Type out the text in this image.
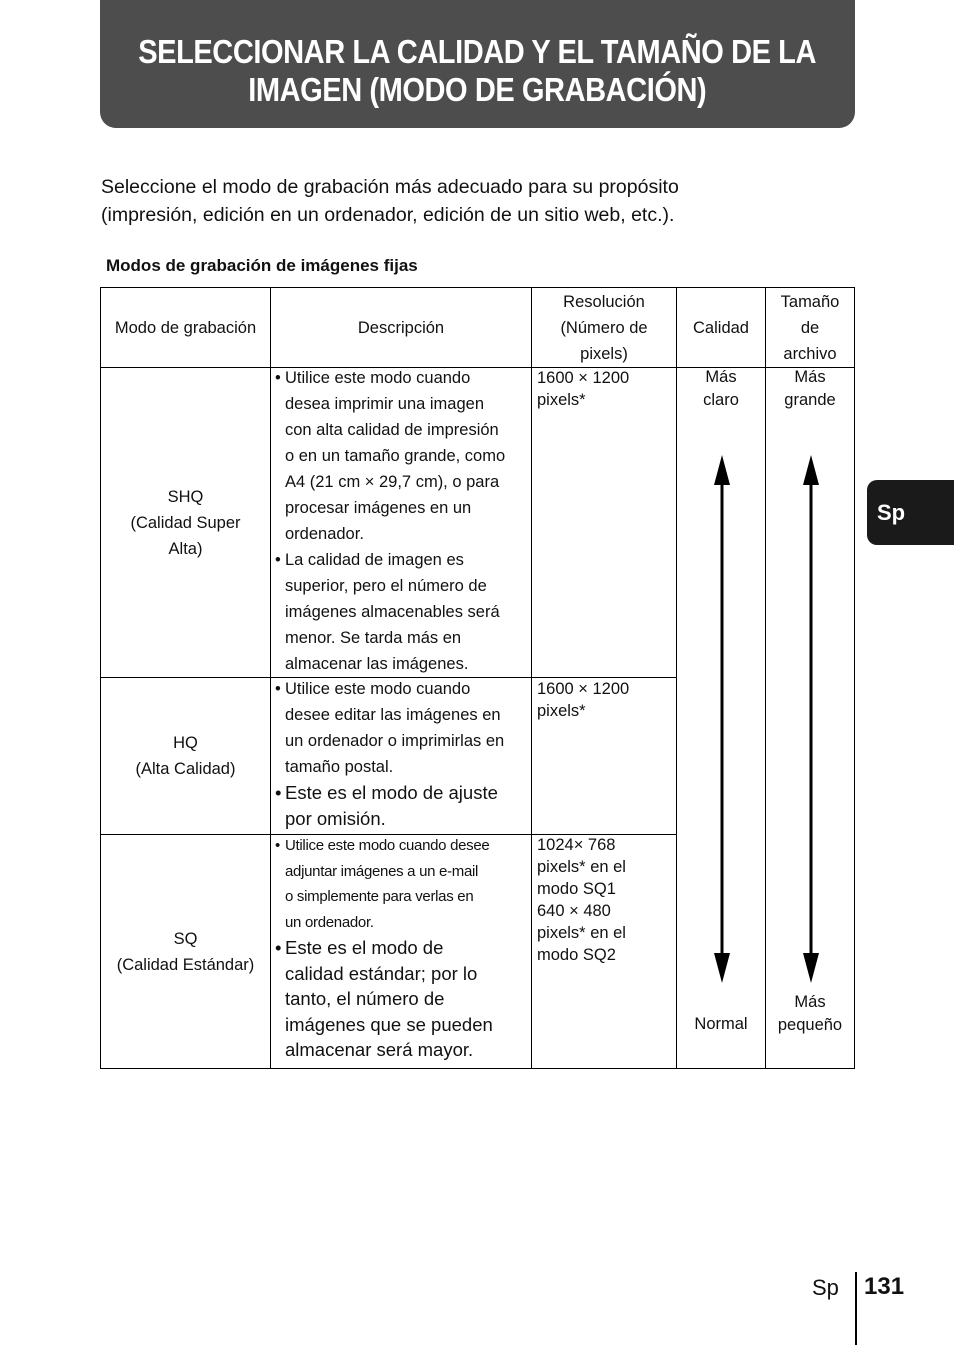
SELECCIONAR LA CALIDAD Y EL TAMAÑO DE LA
IMAGEN (MODO DE GRABACIÓN)
Seleccione el modo de grabación más adecuado para su propósito
(impresión, edición en un ordenador, edición de un sitio web, etc.).
Modos de grabación de imágenes fijas
Modo de grabación	Descripción
Resolución
(Número de
pixels)
Calidad
Tamaño
de
archivo
SHQ
(Calidad Super
Alta)
• Utilice este modo cuando
desea imprimir una imagen
con alta calidad de impresión
o en un tamaño grande, como
A4 (21 cm × 29,7 cm), o para
procesar imágenes en un
ordenador.
• La calidad de imagen es
superior, pero el número de
imágenes almacenables será
menor. Se tarda más en
almacenar las imágenes.
1600 × 1200
pixels*
HQ
(Alta Calidad)
• Utilice este modo cuando
desee editar las imágenes en
un ordenador o imprimirlas en
tamaño postal.
• Este es el modo de ajuste
por omisión.
1600 × 1200
pixels*
SQ
(Calidad Estándar)
• Utilice este modo cuando desee
adjuntar imágenes a un e-mail
o simplemente para verlas en
un ordenador.
• Este es el modo de
calidad estándar; por lo
tanto, el número de
imágenes que se pueden
almacenar será mayor.
1024× 768
pixels* en el
modo SQ1
640 × 480
pixels* en el
modo SQ2
Más
claro
Normal
Más
grande
Más
pequeño
Sp
Sp 131
